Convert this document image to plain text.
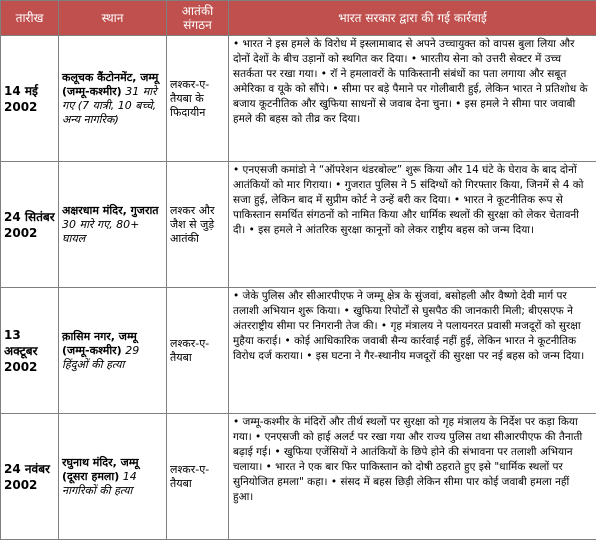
तारीख	स्थान	आतंकी संगठन	भारत सरकार द्वारा की गई कार्रवाई
14 मई 2002	कलूचक कैंटोनमेंट, जम्मू (जम्मू-कश्मीर) 31 मारे गए (7 यात्री, 10 बच्चे, अन्य नागरिक)	लश्कर-ए-तैयबा के फिदायीन	• भारत ने इस हमले के विरोध में इस्लामाबाद से अपने उच्चायुक्त को वापस बुला लिया और दोनों देशों के बीच उड़ानों को स्थगित कर दिया। • भारतीय सेना को उत्तरी सेक्टर में उच्च सतर्कता पर रखा गया। • रॉ ने हमलावरों के पाकिस्तानी संबंधों का पता लगाया और सबूत अमेरिका व यूके को सौंपे। • सीमा पर बड़े पैमाने पर गोलीबारी हुई, लेकिन भारत ने प्रतिशोध के बजाय कूटनीतिक और खुफिया साधनों से जवाब देना चुना। • इस हमले ने सीमा पार जवाबी हमले की बहस को तीव्र कर दिया।
24 सितंबर 2002	अक्षरधाम मंदिर, गुजरात 30 मारे गए, 80+ घायल	लश्कर और जैश से जुड़े आतंकी	• एनएसजी कमांडो ने “ऑपरेशन थंडरबोल्ट” शुरू किया और 14 घंटे के घेराव के बाद दोनों आतंकियों को मार गिराया। • गुजरात पुलिस ने 5 संदिग्धों को गिरफ्तार किया, जिनमें से 4 को सजा हुई, लेकिन बाद में सुप्रीम कोर्ट ने उन्हें बरी कर दिया। • भारत ने कूटनीतिक रूप से पाकिस्तान समर्थित संगठनों को नामित किया और धार्मिक स्थलों की सुरक्षा को लेकर चेतावनी दी। • इस हमले ने आंतरिक सुरक्षा कानूनों को लेकर राष्ट्रीय बहस को जन्म दिया।
13 अक्टूबर 2002	क़ासिम नगर, जम्मू (जम्मू-कश्मीर) 29 हिंदुओं की हत्या	लश्कर-ए-तैयबा	• जेके पुलिस और सीआरपीएफ ने जम्मू क्षेत्र के सुंजवां, बसोहली और वैष्णो देवी मार्ग पर तलाशी अभियान शुरू किया। • खुफिया रिपोर्टों से घुसपैठ की जानकारी मिली; बीएसएफ ने अंतरराष्ट्रीय सीमा पर निगरानी तेज की। • गृह मंत्रालय ने पलायनरत प्रवासी मजदूरों को सुरक्षा मुहैया कराई। • कोई आधिकारिक जवाबी सैन्य कार्रवाई नहीं हुई, लेकिन भारत ने कूटनीतिक विरोध दर्ज कराया। • इस घटना ने गैर-स्थानीय मजदूरों की सुरक्षा पर नई बहस को जन्म दिया।
24 नवंबर 2002	रघुनाथ मंदिर, जम्मू (दूसरा हमला) 14 नागरिकों की हत्या	लश्कर-ए-तैयबा	• जम्मू-कश्मीर के मंदिरों और तीर्थ स्थलों पर सुरक्षा को गृह मंत्रालय के निर्देश पर कड़ा किया गया। • एनएसजी को हाई अलर्ट पर रखा गया और राज्य पुलिस तथा सीआरपीएफ की तैनाती बढ़ाई गई। • खुफिया एजेंसियों ने आतंकियों के छिपे होने की संभावना पर तलाशी अभियान चलाया। • भारत ने एक बार फिर पाकिस्तान को दोषी ठहराते हुए इसे "धार्मिक स्थलों पर सुनियोजित हमला" कहा। • संसद में बहस छिड़ी लेकिन सीमा पार कोई जवाबी हमला नहीं हुआ।
